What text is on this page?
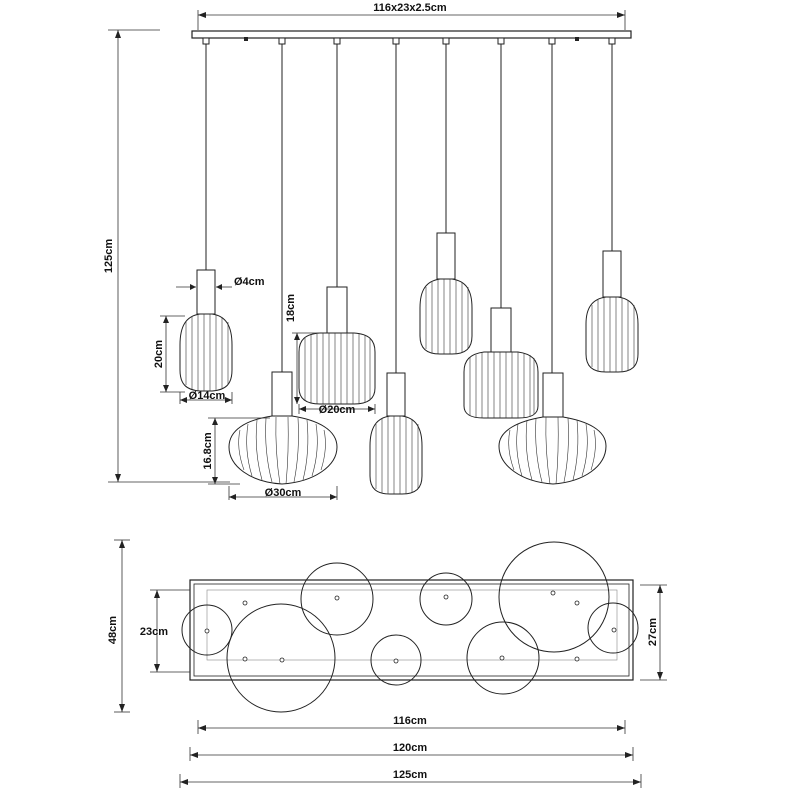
116x23x2.5cm
125cm
Ø4cm
20cm
Ø14cm
16.8cm
Ø30cm
18cm
Ø20cm
48cm 23cm	27cm
116cm
120cm
125cm
